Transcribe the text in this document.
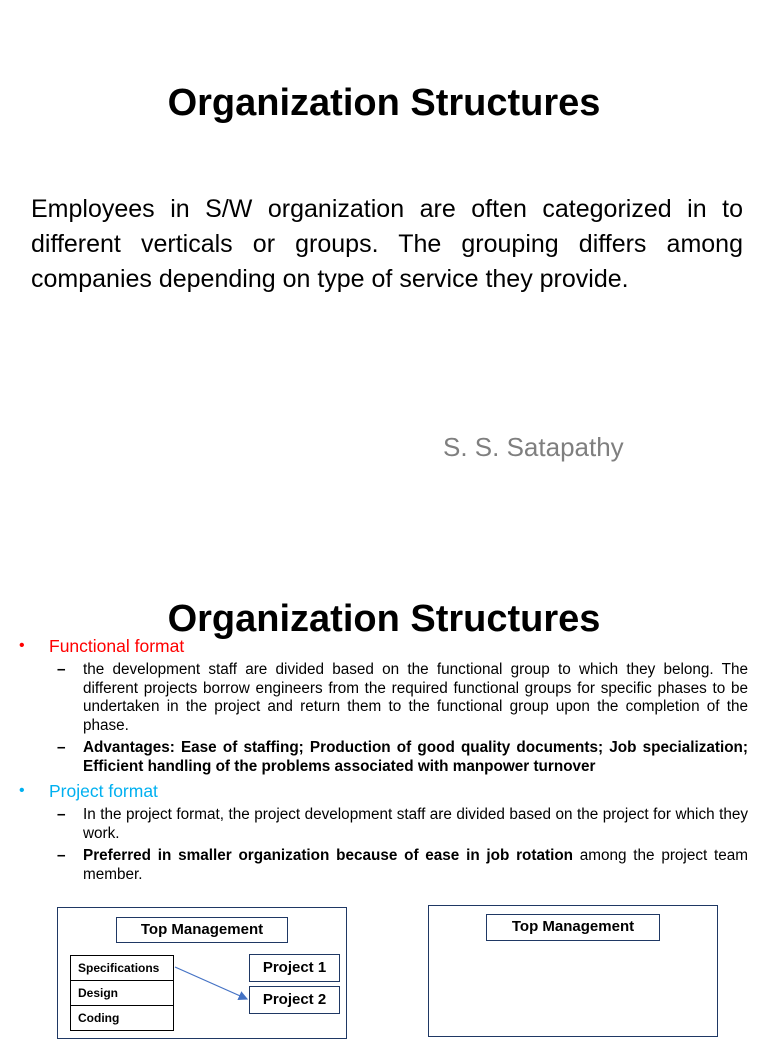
Organization Structures
Employees in S/W organization are often categorized in to different verticals or groups. The grouping differs among companies depending on type of service they provide.
S. S. Satapathy
Organization Structures
• Functional format
– the development staff are divided based on the functional group to which they belong. The different projects borrow engineers from the required functional groups for specific phases to be undertaken in the project and return them to the functional group upon the completion of the phase.
– Advantages: Ease of staffing; Production of good quality documents; Job specialization; Efficient handling of the problems associated with manpower turnover
• Project format
– In the project format, the project development staff are divided based on the project for which they work.
– Preferred in smaller organization because of ease in job rotation among the project team member.
Top Management
Specifications
Design
Coding
Project 1
Project 2
Top Management
